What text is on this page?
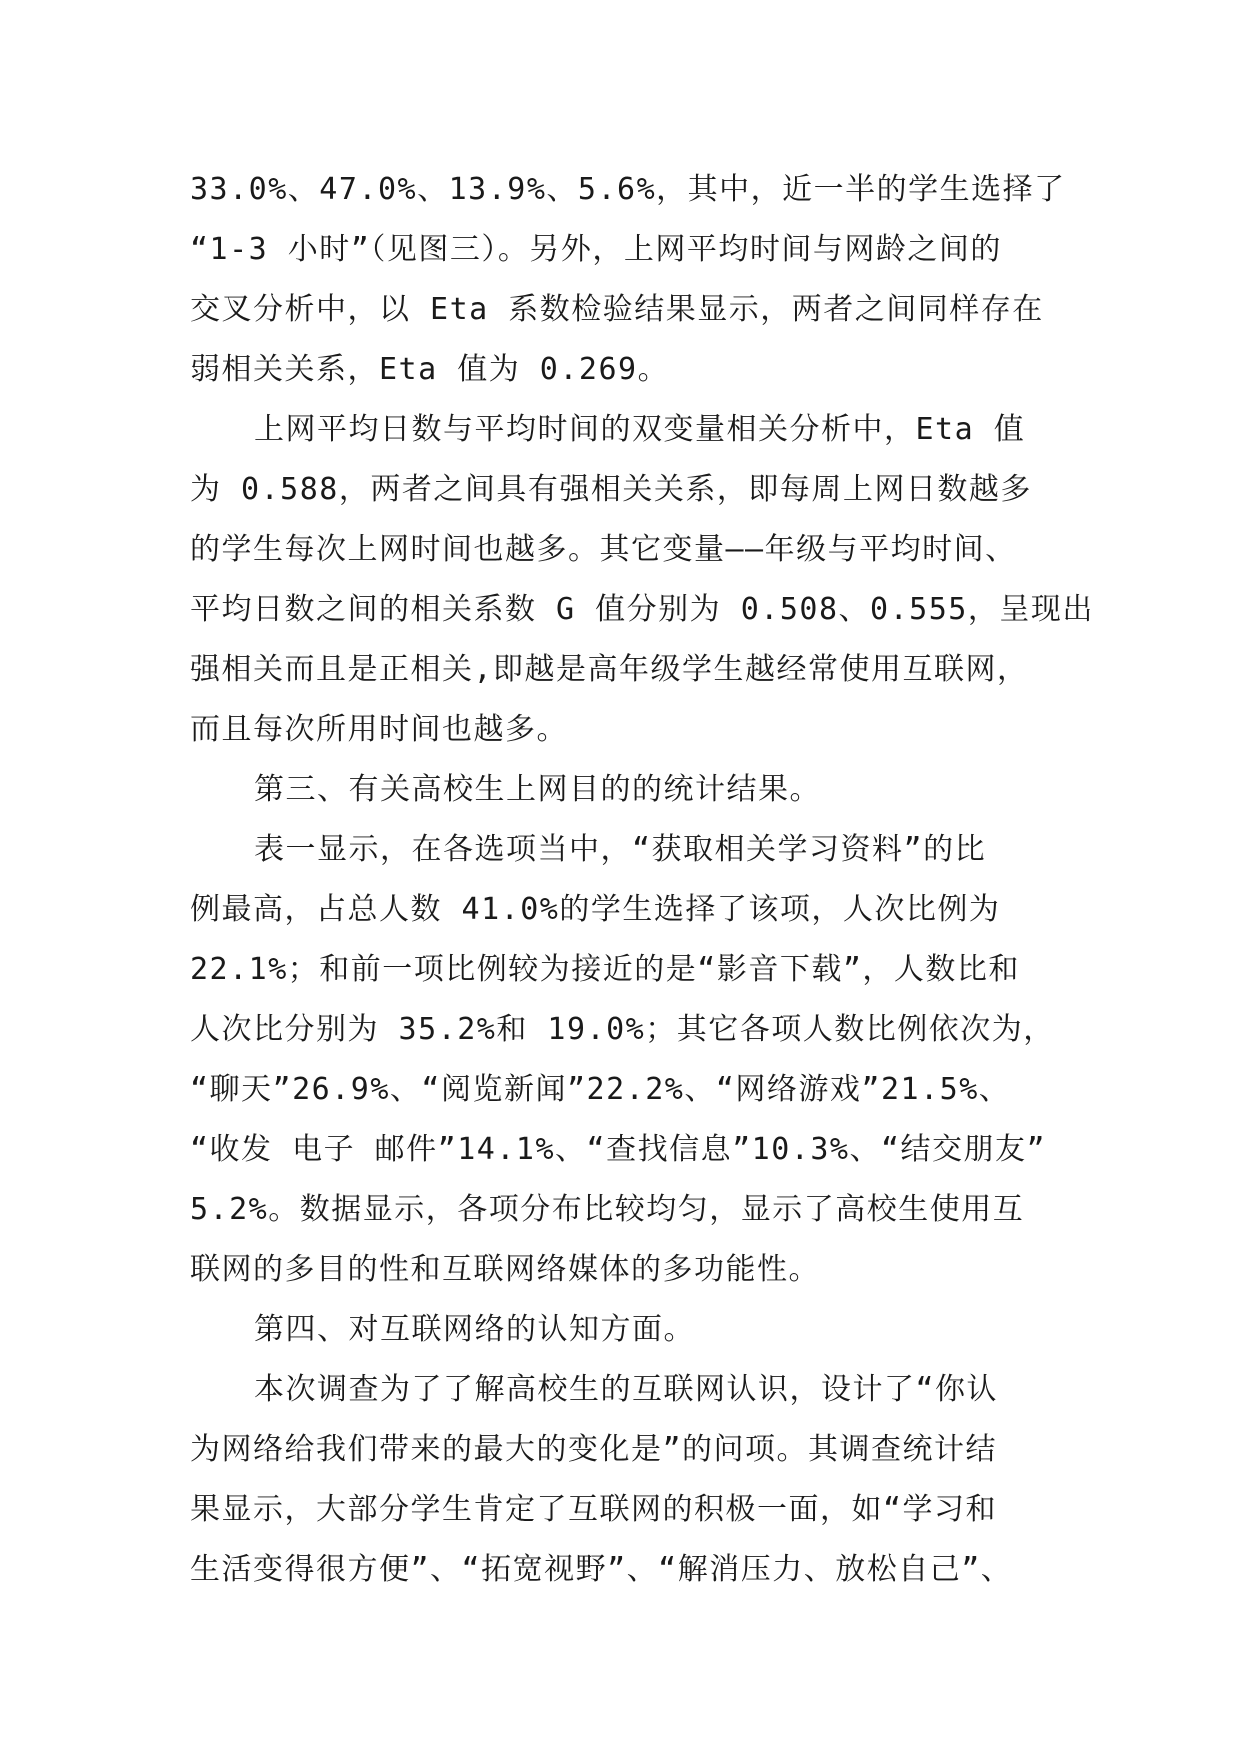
33.0%、47.0%、13.9%、5.6%，其中，近一半的学生选择了
“1-3 小时”（见图三）。另外，上网平均时间与网龄之间的
交叉分析中，以 Eta 系数检验结果显示，两者之间同样存在
弱相关关系，Eta 值为 0.269。
上网平均日数与平均时间的双变量相关分析中，Eta 值
为 0.588，两者之间具有强相关关系，即每周上网日数越多
的学生每次上网时间也越多。其它变量——年级与平均时间、
平均日数之间的相关系数 G 值分别为 0.508、0.555，呈现出
强相关而且是正相关,即越是高年级学生越经常使用互联网，
而且每次所用时间也越多。
第三、有关高校生上网目的的统计结果。
表一显示，在各选项当中，“获取相关学习资料”的比
例最高，占总人数 41.0%的学生选择了该项，人次比例为
22.1%；和前一项比例较为接近的是“影音下载”，人数比和
人次比分别为 35.2%和 19.0%；其它各项人数比例依次为，
“聊天”26.9%、“阅览新闻”22.2%、“网络游戏”21.5%、
“收发 电子 邮件”14.1%、“查找信息”10.3%、“结交朋友”
5.2%。数据显示，各项分布比较均匀，显示了高校生使用互
联网的多目的性和互联网络媒体的多功能性。
第四、对互联网络的认知方面。
本次调查为了了解高校生的互联网认识，设计了“你认
为网络给我们带来的最大的变化是”的问项。其调查统计结
果显示，大部分学生肯定了互联网的积极一面，如“学习和
生活变得很方便”、“拓宽视野”、“解消压力、放松自己”、
